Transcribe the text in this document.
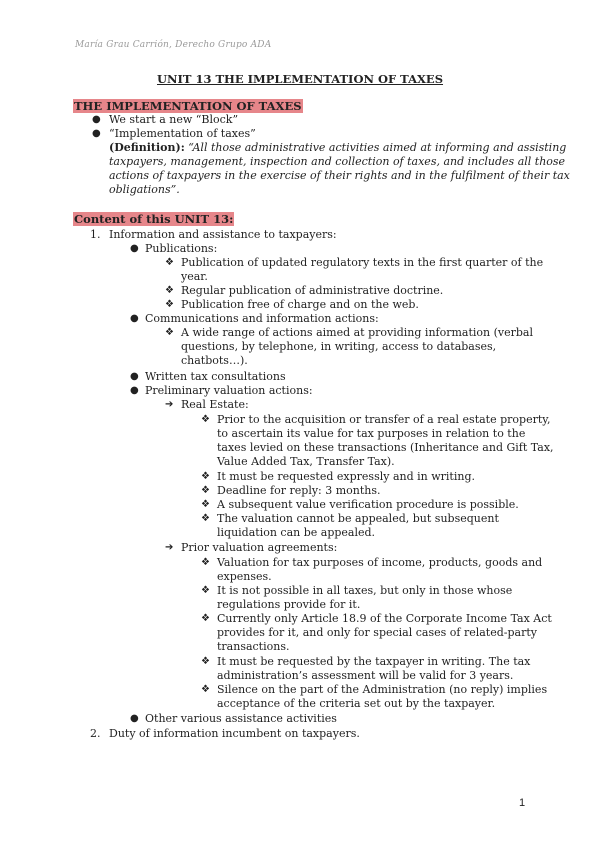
María Grau Carrión, Derecho Grupo ADA
UNIT 13 THE IMPLEMENTATION OF TAXES
THE IMPLEMENTATION OF TAXES
● We start a new “Block”
● “Implementation of taxes”
(Definition): “All those administrative activities aimed at informing and assisting
taxpayers, management, inspection and collection of taxes, and includes all those
actions of taxpayers in the exercise of their rights and in the fulfilment of their tax
obligations”.
Content of this UNIT 13:
1. Information and assistance to taxpayers:
● Publications:
❖ Publication of updated regulatory texts in the first quarter of the
year.
❖ Regular publication of administrative doctrine.
❖ Publication free of charge and on the web.
● Communications and information actions:
❖ A wide range of actions aimed at providing information (verbal
questions, by telephone, in writing, access to databases,
chatbots…).
● Written tax consultations
● Preliminary valuation actions:
➔ Real Estate:
❖ Prior to the acquisition or transfer of a real estate property,
to ascertain its value for tax purposes in relation to the
taxes levied on these transactions (Inheritance and Gift Tax,
Value Added Tax, Transfer Tax).
❖ It must be requested expressly and in writing.
❖ Deadline for reply: 3 months.
❖ A subsequent value verification procedure is possible.
❖ The valuation cannot be appealed, but subsequent
liquidation can be appealed.
➔ Prior valuation agreements:
❖ Valuation for tax purposes of income, products, goods and
expenses.
❖ It is not possible in all taxes, but only in those whose
regulations provide for it.
❖ Currently only Article 18.9 of the Corporate Income Tax Act
provides for it, and only for special cases of related-party
transactions.
❖ It must be requested by the taxpayer in writing. The tax
administration’s assessment will be valid for 3 years.
❖ Silence on the part of the Administration (no reply) implies
acceptance of the criteria set out by the taxpayer.
● Other various assistance activities
2. Duty of information incumbent on taxpayers.
1
